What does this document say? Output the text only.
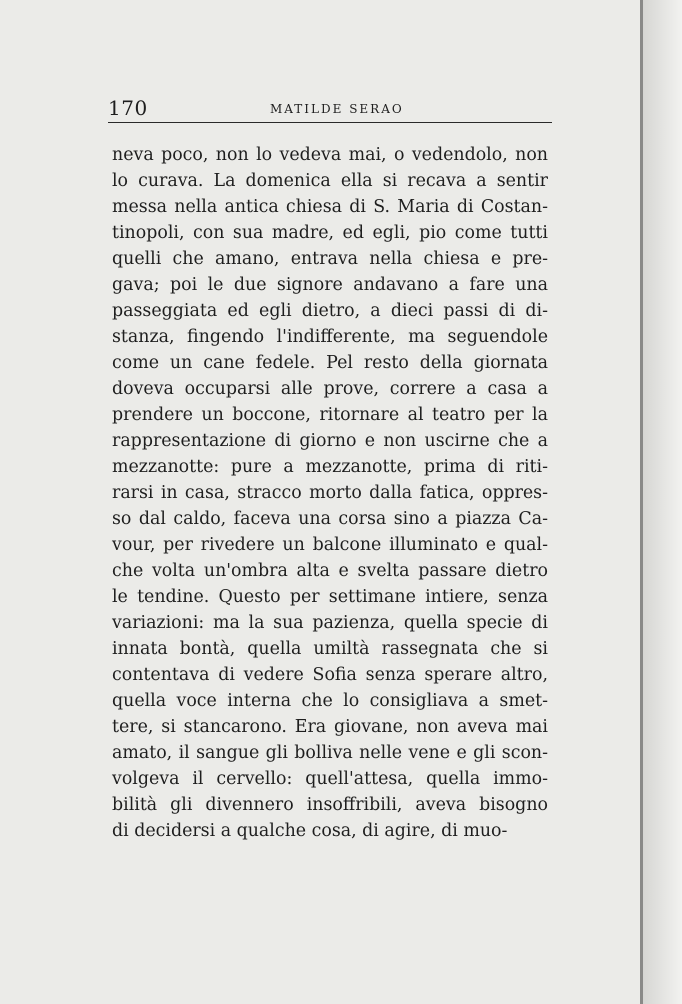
170	MATILDE SERAO
neva poco, non lo vedeva mai, o vedendolo, non
lo curava. La domenica ella si recava a sentir
messa nella antica chiesa di S. Maria di Costan-
tinopoli, con sua madre, ed egli, pio come tutti
quelli che amano, entrava nella chiesa e pre-
gava; poi le due signore andavano a fare una
passeggiata ed egli dietro, a dieci passi di di-
stanza, fingendo l'indifferente, ma seguendole
come un cane fedele. Pel resto della giornata
doveva occuparsi alle prove, correre a casa a
prendere un boccone, ritornare al teatro per la
rappresentazione di giorno e non uscirne che a
mezzanotte: pure a mezzanotte, prima di riti-
rarsi in casa, stracco morto dalla fatica, oppres-
so dal caldo, faceva una corsa sino a piazza Ca-
vour, per rivedere un balcone illuminato e qual-
che volta un'ombra alta e svelta passare dietro
le tendine. Questo per settimane intiere, senza
variazioni: ma la sua pazienza, quella specie di
innata bontà, quella umiltà rassegnata che si
contentava di vedere Sofia senza sperare altro,
quella voce interna che lo consigliava a smet-
tere, si stancarono. Era giovane, non aveva mai
amato, il sangue gli bolliva nelle vene e gli scon-
volgeva il cervello: quell'attesa, quella immo-
bilità gli divennero insoffribili, aveva bisogno
di decidersi a qualche cosa, di agire, di muo-
